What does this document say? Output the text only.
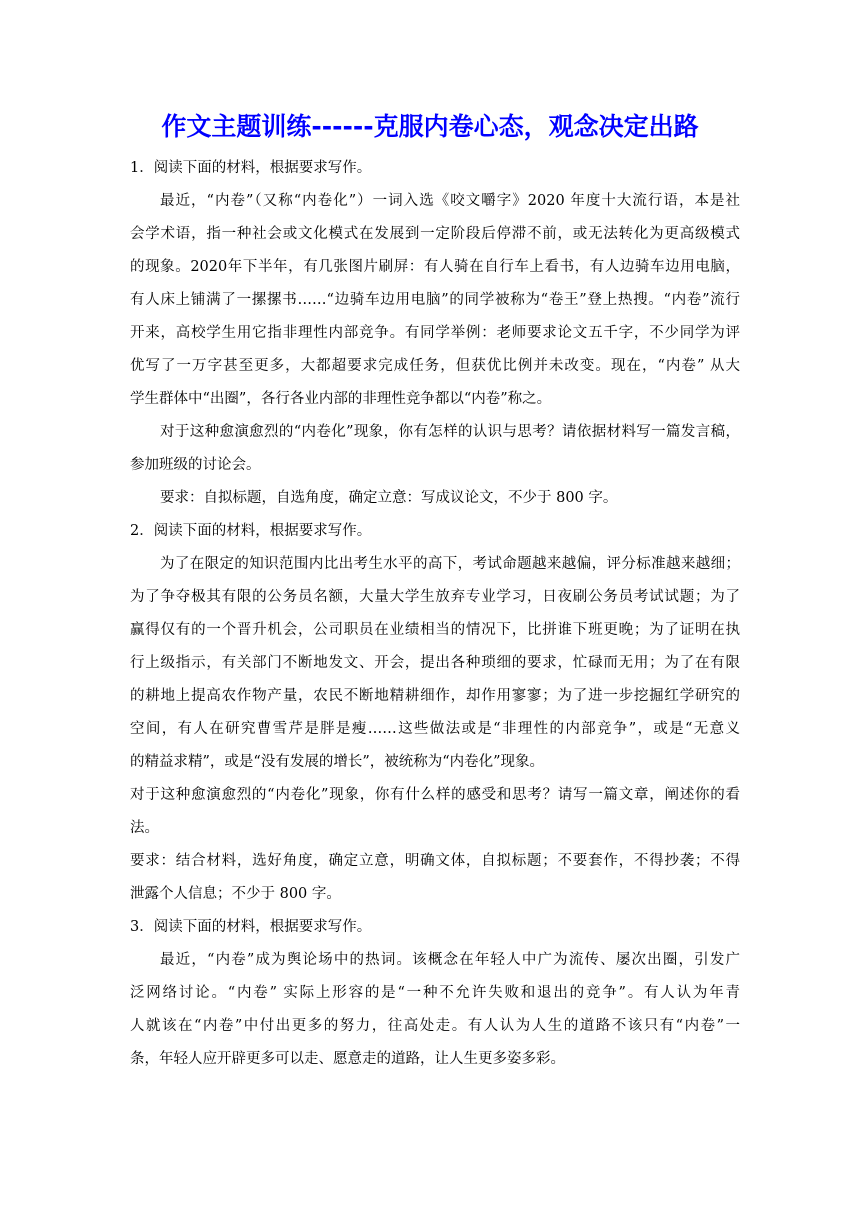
作文主题训练------克服内卷心态，观念决定出路
1．阅读下面的材料，根据要求写作。
最近，“内卷”（又称“内卷化”）一词入选《咬文嚼字》2020 年度十大流行语，本是社
会学术语，指一种社会或文化模式在发展到一定阶段后停滞不前，或无法转化为更高级模式
的现象。2020年下半年，有几张图片刷屏：有人骑在自行车上看书，有人边骑车边用电脑，
有人床上铺满了一摞摞书……“边骑车边用电脑”的同学被称为“卷王”登上热搜。“内卷”流行
开来，高校学生用它指非理性内部竞争。有同学举例：老师要求论文五千字，不少同学为评
优写了一万字甚至更多，大都超要求完成任务，但获优比例并未改变。现在，“内卷” 从大
学生群体中“出圈”，各行各业内部的非理性竞争都以“内卷”称之。
对于这种愈演愈烈的“内卷化”现象，你有怎样的认识与思考？请依据材料写一篇发言稿，
参加班级的讨论会。
要求：自拟标题，自选角度，确定立意：写成议论文，不少于 800 字。
2．阅读下面的材料，根据要求写作。
为了在限定的知识范围内比出考生水平的高下，考试命题越来越偏，评分标准越来越细；
为了争夺极其有限的公务员名额，大量大学生放弃专业学习，日夜刷公务员考试试题；为了
赢得仅有的一个晋升机会，公司职员在业绩相当的情况下，比拼谁下班更晚；为了证明在执
行上级指示，有关部门不断地发文、开会，提出各种琐细的要求，忙碌而无用；为了在有限
的耕地上提高农作物产量，农民不断地精耕细作，却作用寥寥；为了进一步挖掘红学研究的
空间，有人在研究曹雪芹是胖是瘦……这些做法或是“非理性的内部竞争”，或是“无意义
的精益求精”，或是“没有发展的增长”，被统称为“内卷化”现象。
对于这种愈演愈烈的“内卷化”现象，你有什么样的感受和思考？请写一篇文章，阐述你的看
法。
要求：结合材料，选好角度，确定立意，明确文体，自拟标题；不要套作，不得抄袭；不得
泄露个人信息；不少于 800 字。
3．阅读下面的材料，根据要求写作。
最近，“内卷”成为舆论场中的热词。该概念在年轻人中广为流传、屡次出圈，引发广
泛网络讨论。“内卷” 实际上形容的是“一种不允许失败和退出的竞争”。有人认为年青
人就该在“内卷”中付出更多的努力，往高处走。有人认为人生的道路不该只有“内卷”一
条，年轻人应开辟更多可以走、愿意走的道路，让人生更多姿多彩。
